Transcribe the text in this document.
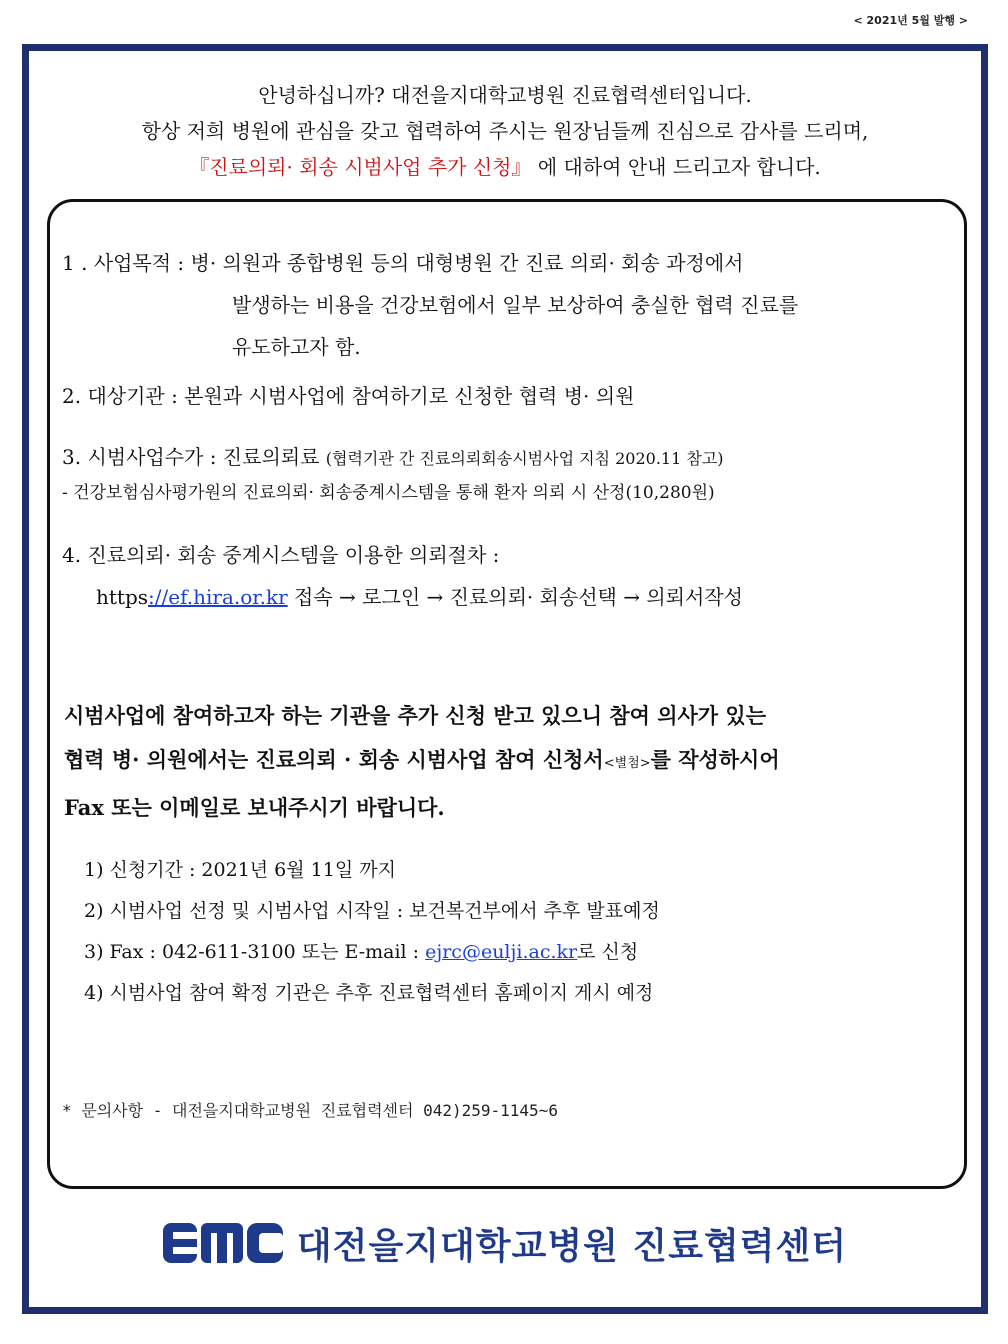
< 2021년 5월 발행 >
안녕하십니까? 대전을지대학교병원 진료협력센터입니다.
항상 저희 병원에 관심을 갖고 협력하여 주시는 원장님들께 진심으로 감사를 드리며,
『진료의뢰· 회송 시범사업 추가 신청』 에 대하여 안내 드리고자 합니다.

1 . 사업목적 : 병· 의원과 종합병원 등의 대형병원 간 진료 의뢰· 회송 과정에서

발생하는 비용을 건강보험에서 일부 보상하여 충실한 협력 진료를

유도하고자 함.

2. 대상기관 : 본원과 시범사업에 참여하기로 신청한 협력 병· 의원

3. 시범사업수가 : 진료의뢰료 (협력기관 간 진료의뢰회송시범사업 지침 2020.11 참고)

- 건강보험심사평가원의 진료의뢰· 회송중계시스템을 통해 환자 의뢰 시 산정(10,280원)

4. 진료의뢰· 회송 중계시스템을 이용한 의뢰절차 :

https://ef.hira.or.kr 접속 → 로그인 → 진료의뢰· 회송선택 → 의뢰서작성

시범사업에 참여하고자 하는 기관을 추가 신청 받고 있으니 참여 의사가 있는
협력 병· 의원에서는 진료의뢰 · 회송 시범사업 참여 신청서<별첨>를 작성하시어
Fax 또는 이메일로 보내주시기 바랍니다.

1) 신청기간 : 2021년 6월 11일 까지

2) 시범사업 선정 및 시범사업 시작일 : 보건복건부에서 추후 발표예정

3) Fax : 042-611-3100 또는 E-mail : ejrc@eulji.ac.kr로 신청

4) 시범사업 참여 확정 기관은 추후 진료협력센터 홈페이지 게시 예정

* 문의사항 - 대전을지대학교병원 진료협력센터 042)259-1145~6
대전을지대학교병원 진료협력센터
